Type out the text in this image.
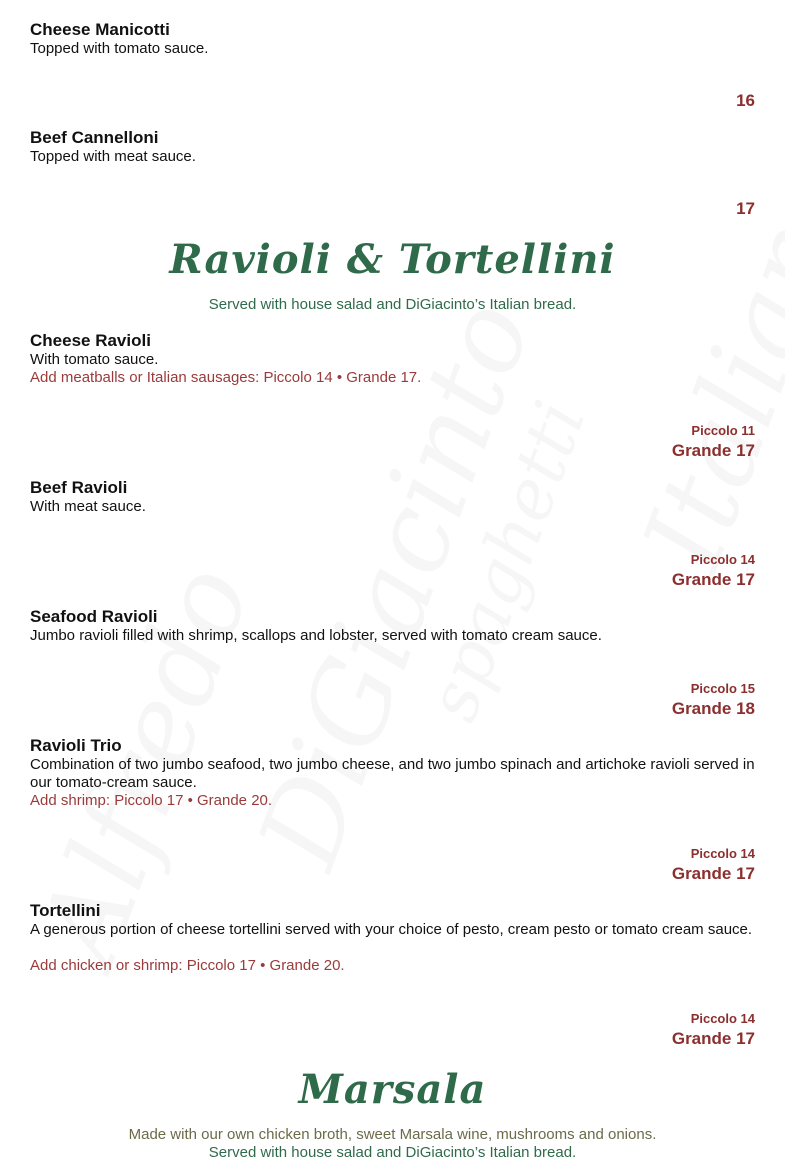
Cheese Manicotti
Topped with tomato sauce.
16
Beef Cannelloni
Topped with meat sauce.
17
Ravioli & Tortellini
Served with house salad and DiGiacinto’s Italian bread.
Cheese Ravioli
With tomato sauce.
Add meatballs or Italian sausages: Piccolo 14 • Grande 17.
Piccolo 11
Grande 17
Beef Ravioli
With meat sauce.
Piccolo 14
Grande 17
Seafood Ravioli
Jumbo ravioli filled with shrimp, scallops and lobster, served with tomato cream sauce.
Piccolo 15
Grande 18
Ravioli Trio
Combination of two jumbo seafood, two jumbo cheese, and two jumbo spinach and artichoke ravioli served in our tomato-cream sauce.
Add shrimp: Piccolo 17 • Grande 20.
Piccolo 14
Grande 17
Tortellini
A generous portion of cheese tortellini served with your choice of pesto, cream pesto or tomato cream sauce.
Add chicken or shrimp: Piccolo 17 • Grande 20.
Piccolo 14
Grande 17
Marsala
Made with our own chicken broth, sweet Marsala wine, mushrooms and onions.
Served with house salad and DiGiacinto’s Italian bread.
